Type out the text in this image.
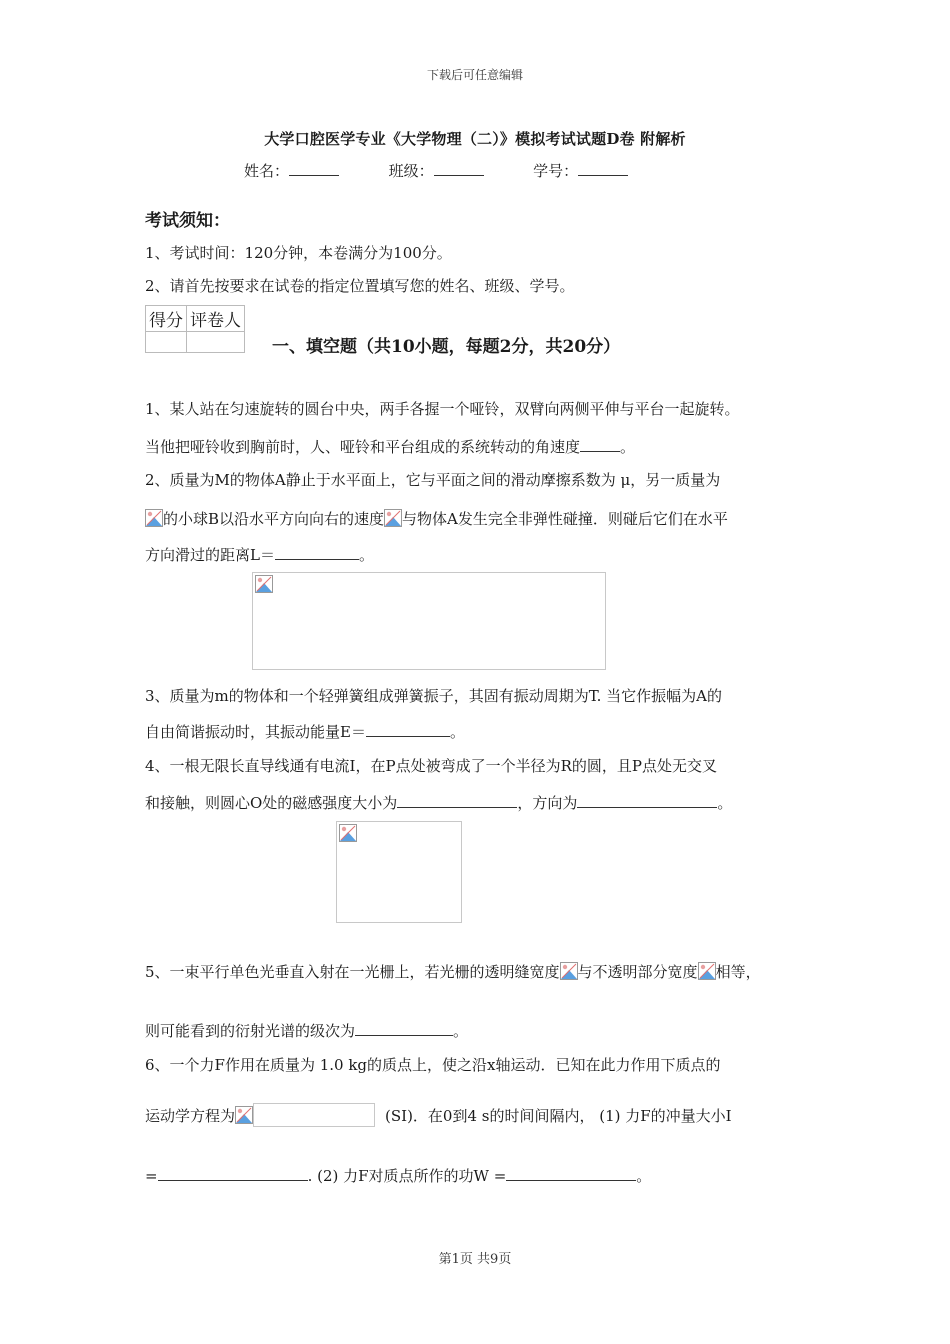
下载后可任意编辑
大学口腔医学专业《大学物理（二）》模拟考试试题D卷 附解析
姓名：	班级：	学号：
考试须知：
1、考试时间：120分钟，本卷满分为100分。
2、请首先按要求在试卷的指定位置填写您的姓名、班级、学号。
得分	评卷人

一、填空题（共10小题，每题2分，共20分）
1、某人站在匀速旋转的圆台中央，两手各握一个哑铃，双臂向两侧平伸与平台一起旋转。
当他把哑铃收到胸前时，人、哑铃和平台组成的系统转动的角速度	。
2、质量为M的物体A静止于水平面上，它与平面之间的滑动摩擦系数为 μ，另一质量为
的小球B以沿水平方向向右的速度 与物体A发生完全非弹性碰撞．则碰后它们在水平
方向滑过的距离L＝	。
3、质量为m的物体和一个轻弹簧组成弹簧振子，其固有振动周期为T. 当它作振幅为A的
自由简谐振动时，其振动能量E＝	。
4、一根无限长直导线通有电流I，在P点处被弯成了一个半径为R的圆，且P点处无交叉
和接触，则圆心O处的磁感强度大小为	，方向为	。
5、一束平行单色光垂直入射在一光栅上，若光栅的透明缝宽度 与不透明部分宽度 相等，
则可能看到的衍射光谱的级次为	。
6、一个力F作用在质量为 1.0 kg的质点上，使之沿x轴运动．已知在此力作用下质点的
运动学方程为	(SI)．在0到4 s的时间间隔内， (1) 力F的冲量大小I
=	. (2) 力F对质点所作的功W =	。
第1页 共9页
